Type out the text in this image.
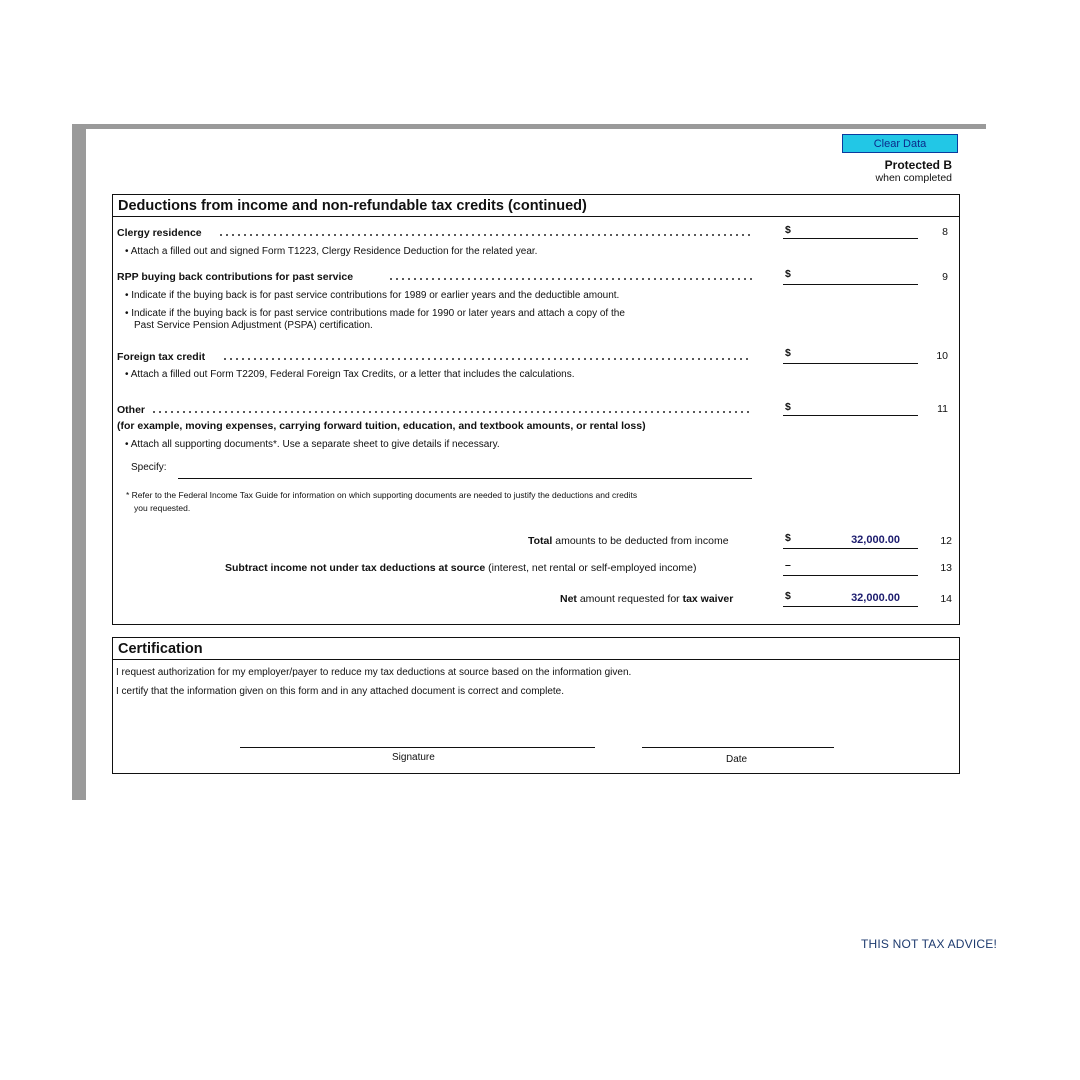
Clear Data
Protected B
when completed
Deductions from income and non-refundable tax credits (continued)
Clergy residence	$	8
• Attach a filled out and signed Form T1223, Clergy Residence Deduction for the related year.
RPP buying back contributions for past service	$	9
• Indicate if the buying back is for past service contributions for 1989 or earlier years and the deductible amount.
• Indicate if the buying back is for past service contributions made for 1990 or later years and attach a copy of the
Past Service Pension Adjustment (PSPA) certification.
Foreign tax credit	$	10
• Attach a filled out Form T2209, Federal Foreign Tax Credits, or a letter that includes the calculations.
Other	$	11
(for example, moving expenses, carrying forward tuition, education, and textbook amounts, or rental loss)
• Attach all supporting documents*. Use a separate sheet to give details if necessary.
Specify:
* Refer to the Federal Income Tax Guide for information on which supporting documents are needed to justify the deductions and credits
you requested.
Total amounts to be deducted from income	$	32,000.00	12
Subtract income not under tax deductions at source (interest, net rental or self-employed income)	–	13
Net amount requested for tax waiver	$	32,000.00	14
Certification
I request authorization for my employer/payer to reduce my tax deductions at source based on the information given.
I certify that the information given on this form and in any attached document is correct and complete.
Signature	Date
THIS NOT TAX ADVICE!
